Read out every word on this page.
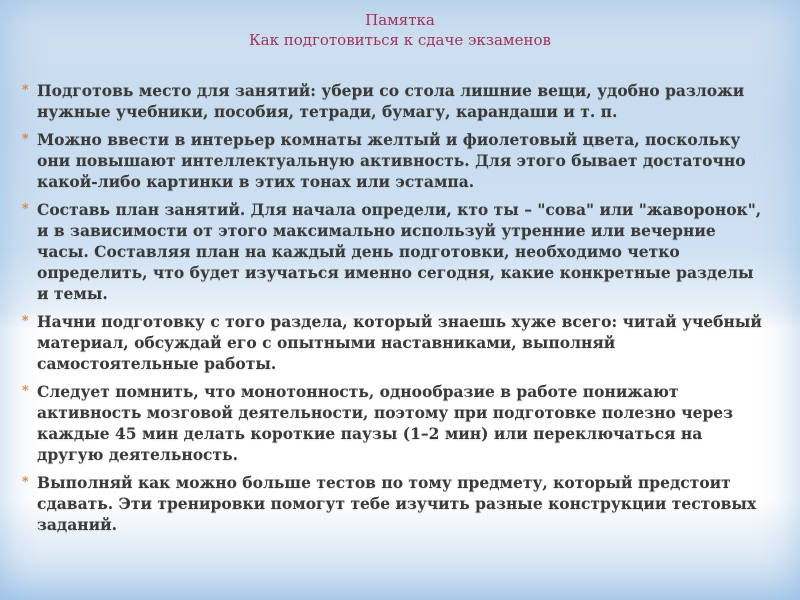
Памятка
Как подготовиться к сдаче экзаменов
* Подготовь место для занятий: убери со стола лишние вещи, удобно разложи нужные учебники, пособия, тетради, бумагу, карандаши и т. п.
* Можно ввести в интерьер комнаты желтый и фиолетовый цвета, поскольку они повышают интеллектуальную активность. Для этого бывает достаточно какой-либо картинки в этих тонах или эстампа.
* Составь план занятий. Для начала определи, кто ты – "сова" или "жаворонок", и в зависимости от этого максимально используй утренние или вечерние часы. Составляя план на каждый день подготовки, необходимо четко определить, что будет изучаться именно сегодня, какие конкретные разделы и темы.
* Начни подготовку с того раздела, который знаешь хуже всего: читай учебный материал, обсуждай его с опытными наставниками, выполняй самостоятельные работы.
* Следует помнить, что монотонность, однообразие в работе понижают активность мозговой деятельности, поэтому при подготовке полезно через каждые 45 мин делать короткие паузы (1–2 мин) или переключаться на другую деятельность.
* Выполняй как можно больше тестов по тому предмету, который предстоит сдавать. Эти тренировки помогут тебе изучить разные конструкции тестовых заданий.
